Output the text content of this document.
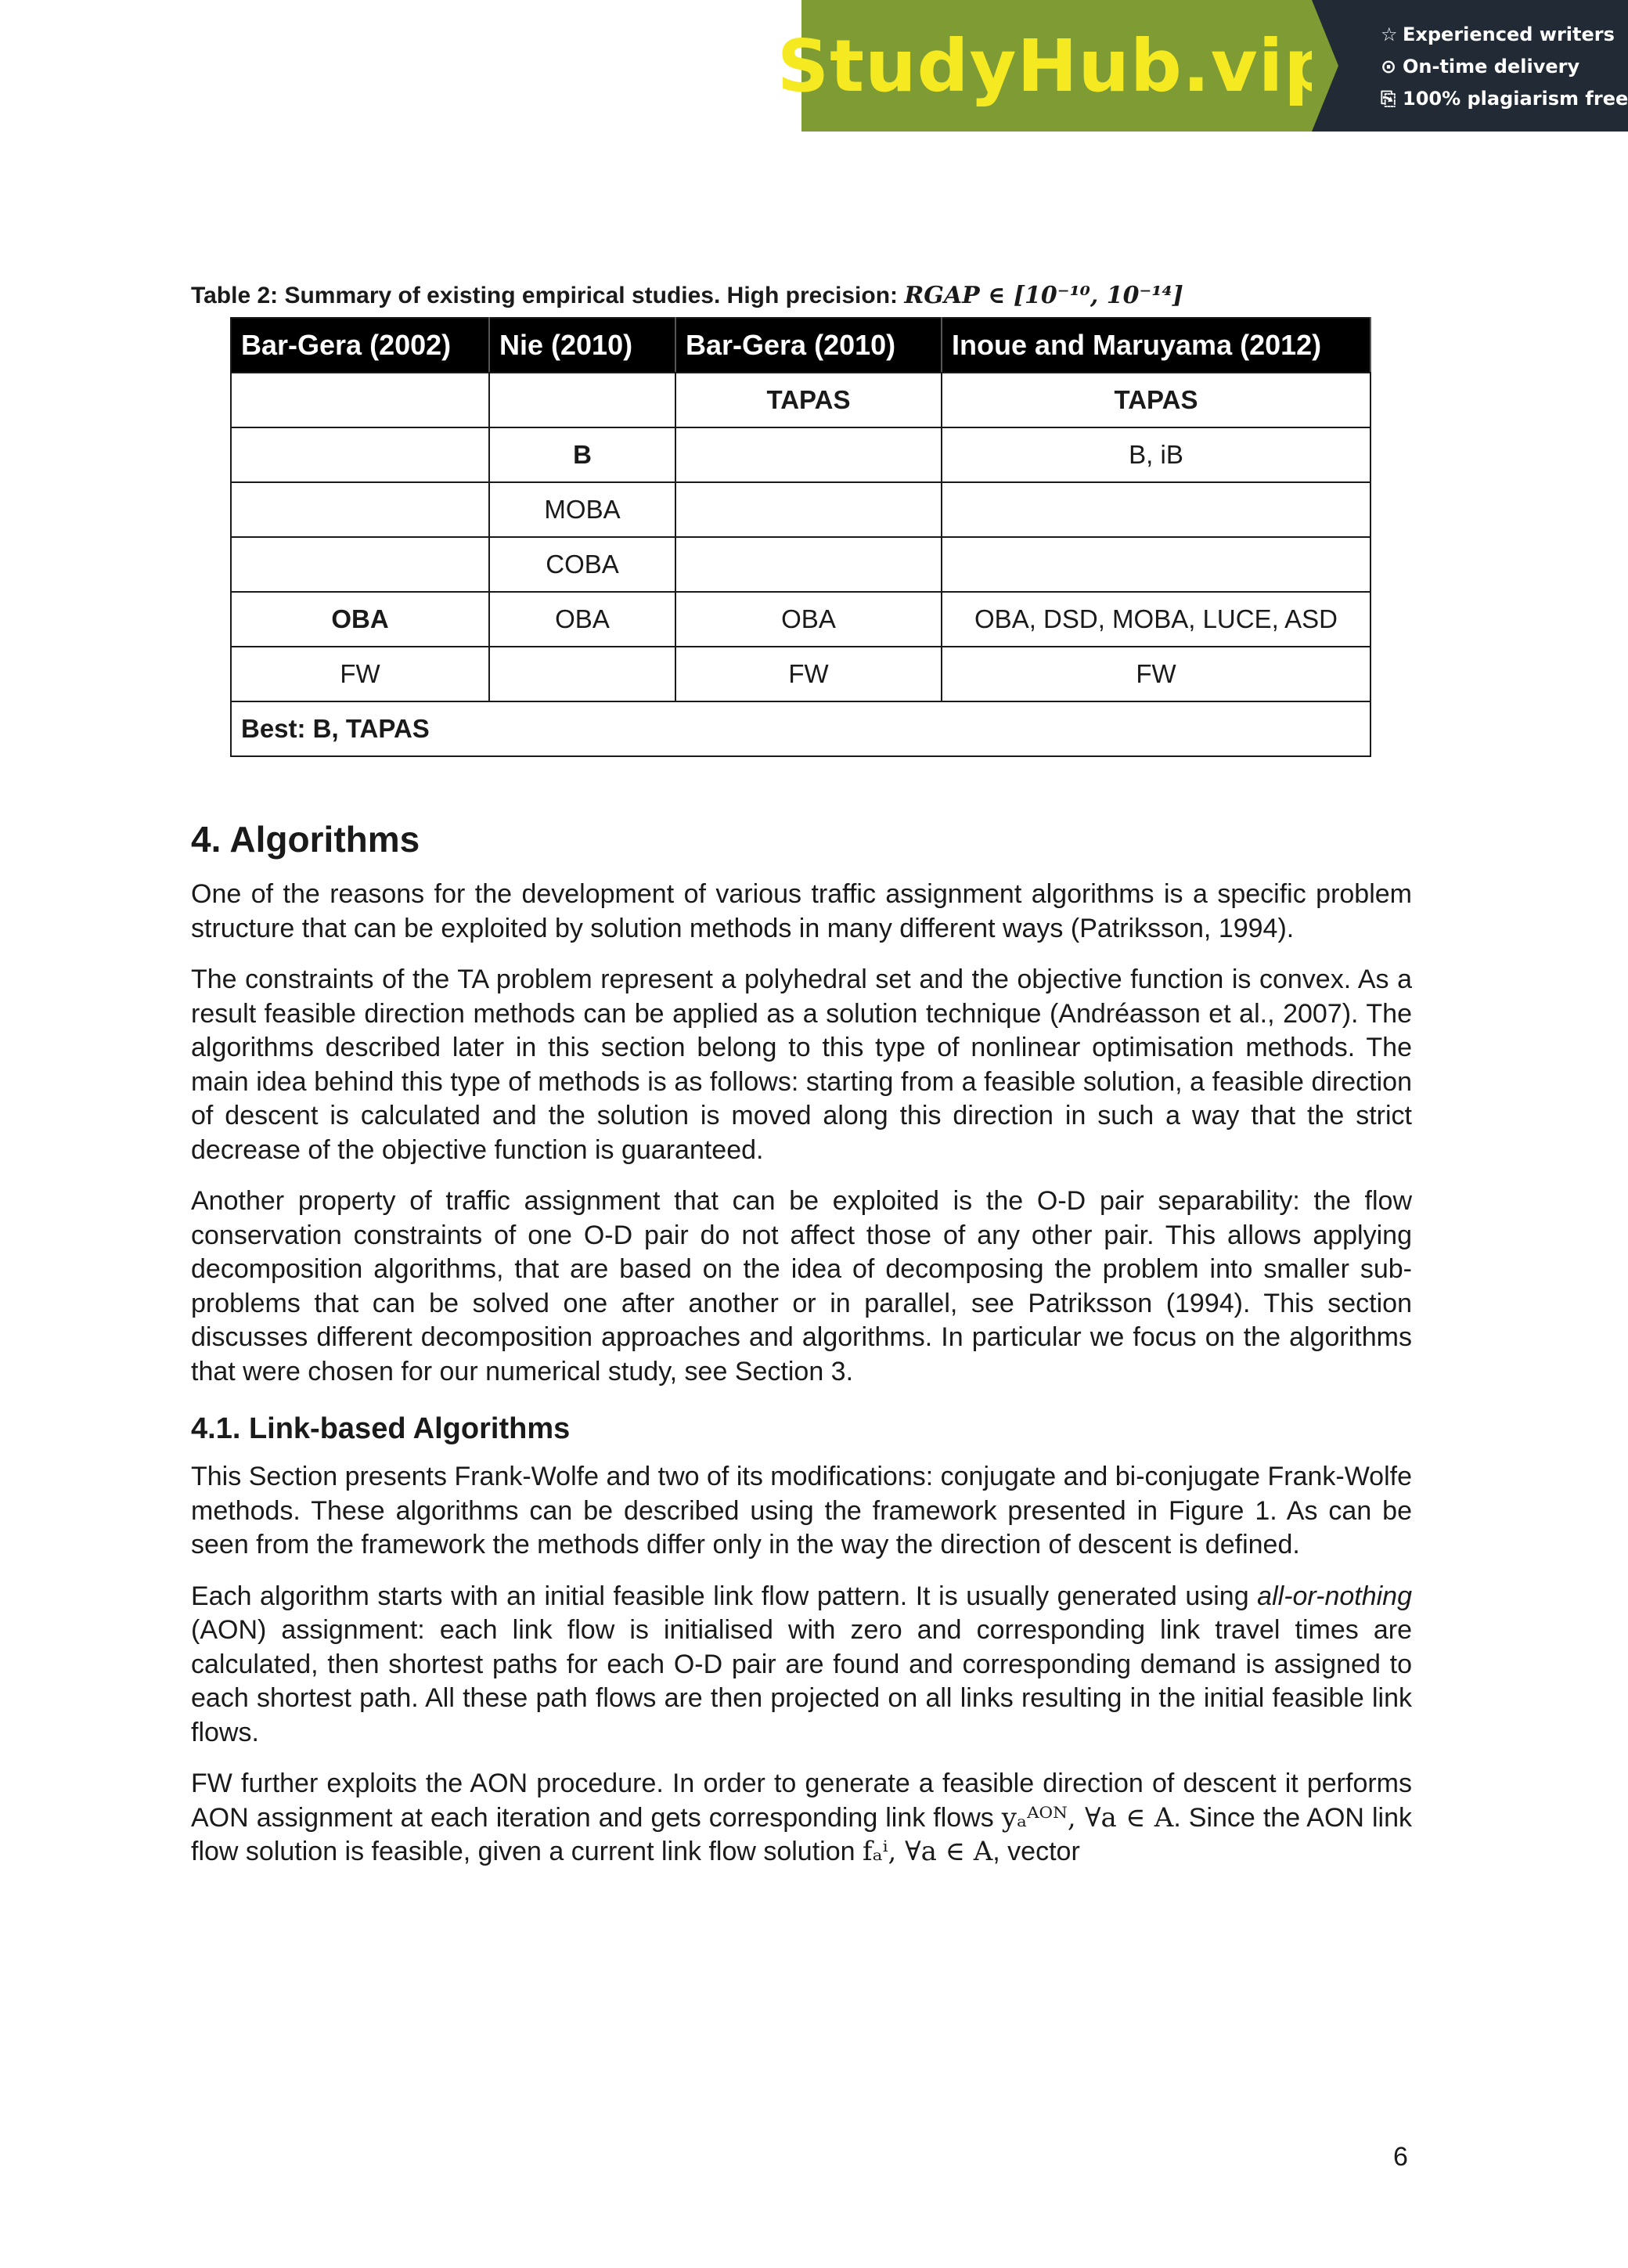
StudyHub.vip ☆ Experienced writers
⊙ On-time delivery
⎘ 100% plagiarism free
Table 2: Summary of existing empirical studies. High precision: RGAP ∈ [10⁻¹⁰, 10⁻¹⁴]
Bar-Gera (2002)	Nie (2010)	Bar-Gera (2010)	Inoue and Maruyama (2012)
		TAPAS	TAPAS
	B		B, iB
	MOBA		
	COBA		
OBA	OBA	OBA	OBA, DSD, MOBA, LUCE, ASD
FW		FW	FW
Best: B, TAPAS			
4. Algorithms

One of the reasons for the development of various traffic assignment algorithms is a specific problem structure that can be exploited by solution methods in many different ways (Patriksson, 1994).

The constraints of the TA problem represent a polyhedral set and the objective function is convex. As a result feasible direction methods can be applied as a solution technique (Andréasson et al., 2007). The algorithms described later in this section belong to this type of nonlinear optimisation methods. The main idea behind this type of methods is as follows: starting from a feasible solution, a feasible direction of descent is calculated and the solution is moved along this direction in such a way that the strict decrease of the objective function is guaranteed.

Another property of traffic assignment that can be exploited is the O-D pair separability: the flow conservation constraints of one O-D pair do not affect those of any other pair. This allows applying decomposition algorithms, that are based on the idea of decomposing the problem into smaller sub-problems that can be solved one after another or in parallel, see Patriksson (1994). This section discusses different decomposition approaches and algorithms. In particular we focus on the algorithms that were chosen for our numerical study, see Section 3.

4.1. Link-based Algorithms

This Section presents Frank-Wolfe and two of its modifications: conjugate and bi-conjugate Frank-Wolfe methods. These algorithms can be described using the framework presented in Figure 1. As can be seen from the framework the methods differ only in the way the direction of descent is defined.

Each algorithm starts with an initial feasible link flow pattern. It is usually generated using all-or-nothing (AON) assignment: each link flow is initialised with zero and corresponding link travel times are calculated, then shortest paths for each O-D pair are found and corresponding demand is assigned to each shortest path. All these path flows are then projected on all links resulting in the initial feasible link flows.

FW further exploits the AON procedure. In order to generate a feasible direction of descent it performs AON assignment at each iteration and gets corresponding link flows yₐᴬᴼᴺ, ∀a ∈ A. Since the AON link flow solution is feasible, given a current link flow solution fₐⁱ, ∀a ∈ A, vector

6
